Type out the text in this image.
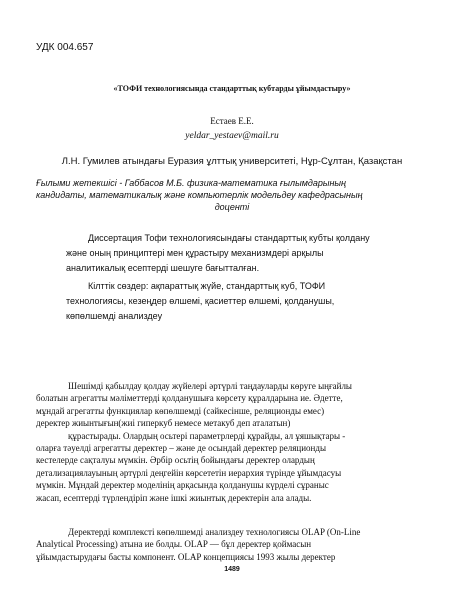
УДК 004.657

«ТОФИ технологиясында стандарттық кубтарды ұйымдастыру»

Естаев Е.Е.

yeldar_yestaev@mail.ru

Л.Н. Гумилев атындағы Еуразия ұлттық университеті, Нұр-Сұлтан, Қазақстан

Ғылыми жетекшісі - Габбасов М.Б. физика-математика ғылымдарының
кандидаты, математикалық және компьютерлік модельдеу кафедрасының
доценті

Диссертация Тофи технологиясындағы стандарттық кубты қолдану
және оның принциптері мен құрастыру механизмдері арқылы
аналитикалық есептерді шешуге бағытталған.

Кілттік сөздер: ақпараттық жүйе, стандарттық куб, ТОФИ
технологиясы, кезеңдер өлшемі, қасиеттер өлшемі, қолданушы,
көпөлшемді анализдеу

Шешімді қабылдау қолдау жүйелері әртүрлі таңдауларды көруге ыңғайлы
болатын агрегатты мәліметтерді қолданушыға көрсету құралдарына ие. Әдетте,
мұндай агрегатты функциялар көпөлшемді (сәйкесінше, реляционды емес)
деректер жиынтығын(жиі гиперкуб немесе метакуб деп аталатын)
құрастырады. Олардың осьтері параметрлерді құрайды, ал ұяшықтары -
оларға тәуелді агрегатты деректер – және де осындай деректер реляционды
кестелерде сақталуы мүмкін. Әрбір осьтің бойындағы деректер олардың
детализациялауының әртүрлі деңгейін көрсететін иерархия түрінде ұйымдасуы
мүмкін. Мұндай деректер моделінің арқасында қолданушы күрделі сұраныс
жасап, есептерді түрлендіріп және ішкі жиынтық деректерін ала алады.

Деректерді комплексті көпөлшемді анализдеу технологиясы OLAP (On-Line
Analytical Processing) атына ие болды. OLAP — бұл деректер қоймасын
ұйымдастырудағы басты компонент. OLAP концепциясы 1993 жылы деректер

1489
